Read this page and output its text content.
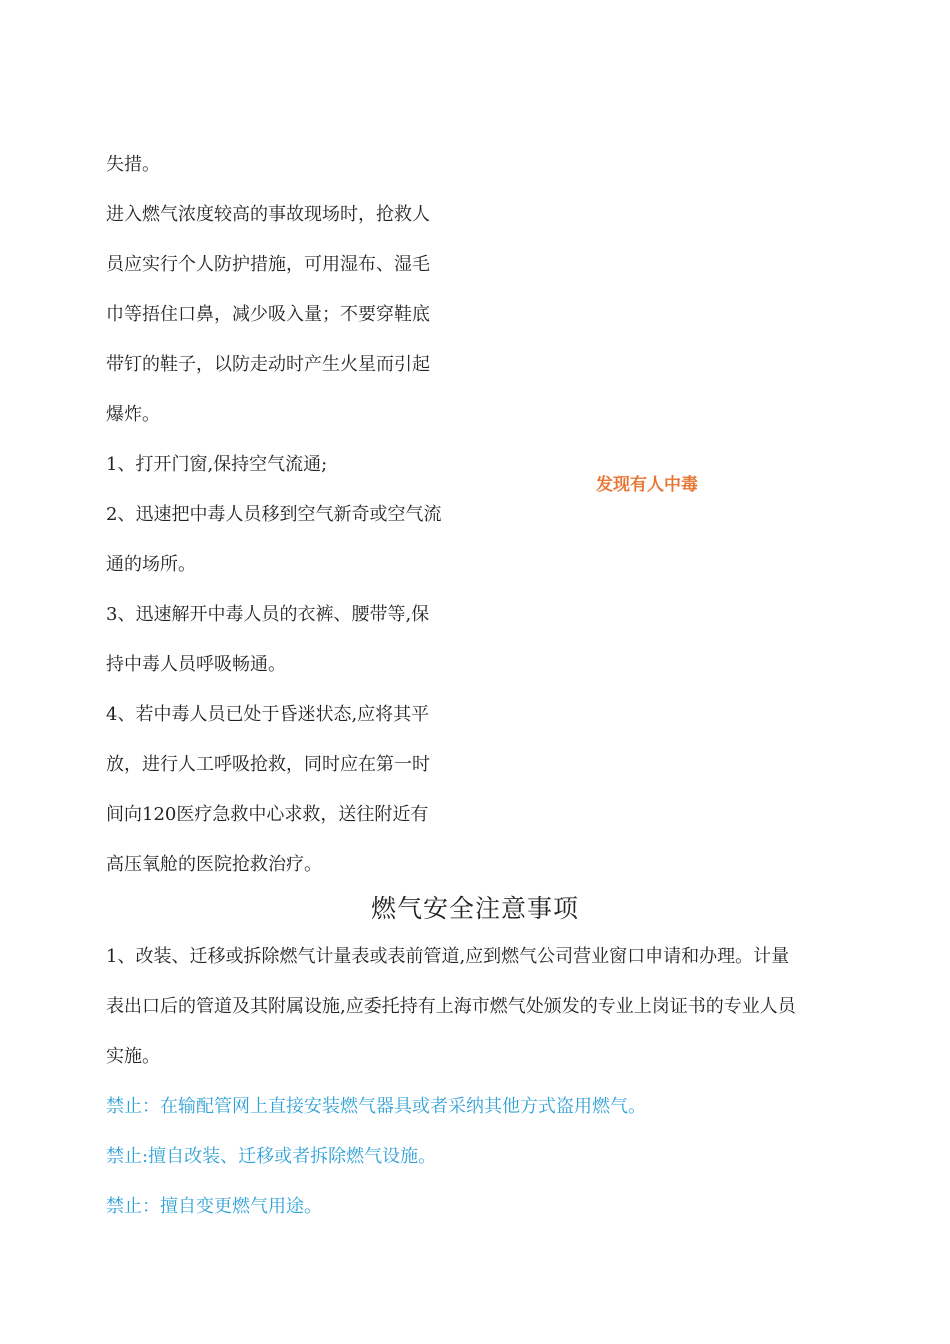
失措。
进入燃气浓度较高的事故现场时，抢救人
员应实行个人防护措施，可用湿布、湿毛
巾等捂住口鼻，减少吸入量；不要穿鞋底
带钉的鞋子，以防走动时产生火星而引起
爆炸。
1、打开门窗,保持空气流通;
2、迅速把中毒人员移到空气新奇或空气流
通的场所。
3、迅速解开中毒人员的衣裤、腰带等,保
持中毒人员呼吸畅通。
4、若中毒人员已处于昏迷状态,应将其平
放，进行人工呼吸抢救，同时应在第一时
间向120医疗急救中心求救，送往附近有
高压氧舱的医院抢救治疗。
发现有人中毒
燃气安全注意事项
1、改装、迁移或拆除燃气计量表或表前管道,应到燃气公司营业窗口申请和办理。计量
表出口后的管道及其附属设施,应委托持有上海市燃气处颁发的专业上岗证书的专业人员
实施。
禁止：在输配管网上直接安装燃气器具或者采纳其他方式盗用燃气。
禁止:擅自改装、迁移或者拆除燃气设施。
禁止：擅自变更燃气用途。
